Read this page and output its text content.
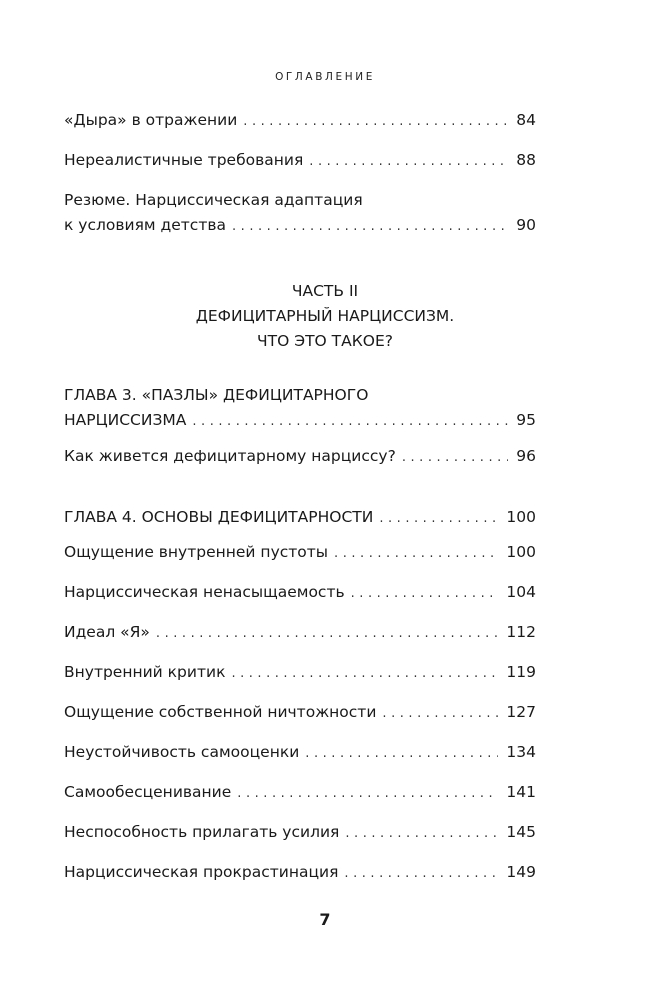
ОГЛАВЛЕНИЕ
«Дыра» в отражении . . .	84
Нереалистичные требования . . .	88
Резюме. Нарциссическая адаптация
к условиям детства . . .	90
ЧАСТЬ II
ДЕФИЦИТАРНЫЙ НАРЦИССИЗМ.
ЧТО ЭТО ТАКОЕ?
ГЛАВА 3. «ПАЗЛЫ» ДЕФИЦИТАРНОГО
НАРЦИССИЗМА . . .	95
Как живется дефицитарному нарциссу? . . .	96
ГЛАВА 4. ОСНОВЫ ДЕФИЦИТАРНОСТИ . . .	100
Ощущение внутренней пустоты . . .	100
Нарциссическая ненасыщаемость . . .	104
Идеал «Я» . . .	112
Внутренний критик . . .	119
Ощущение собственной ничтожности . . .	127
Неустойчивость самооценки . . .	134
Самообесценивание . . .	141
Неспособность прилагать усилия . . .	145
Нарциссическая прокрастинация . . .	149
7
